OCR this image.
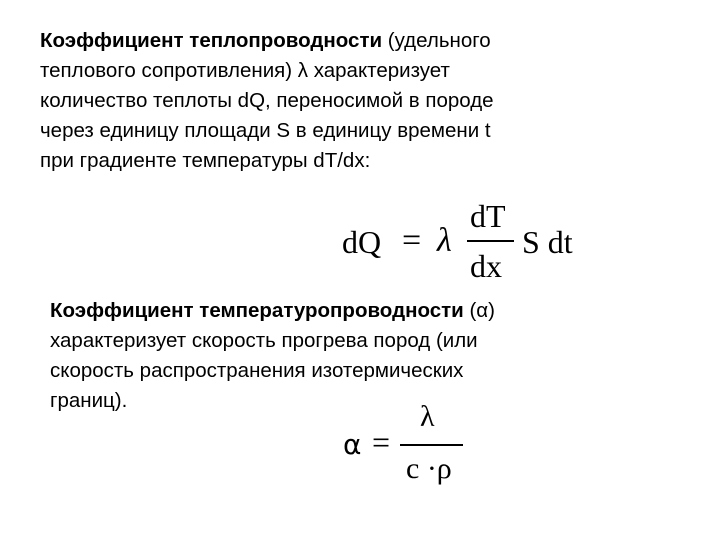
Коэффициент теплопроводности (удельного
теплового сопротивления) λ характеризует
количество теплоты dQ, переносимой в породе
через единицу площади S в единицу времени t
при градиенте температуры dT/dx:
dQ = λ
dT
dx
S dt
Коэффициент температуропроводности (α)
характеризует скорость прогрева пород (или
скорость распространения изотермических
границ).
α =
λ
c ·ρ
